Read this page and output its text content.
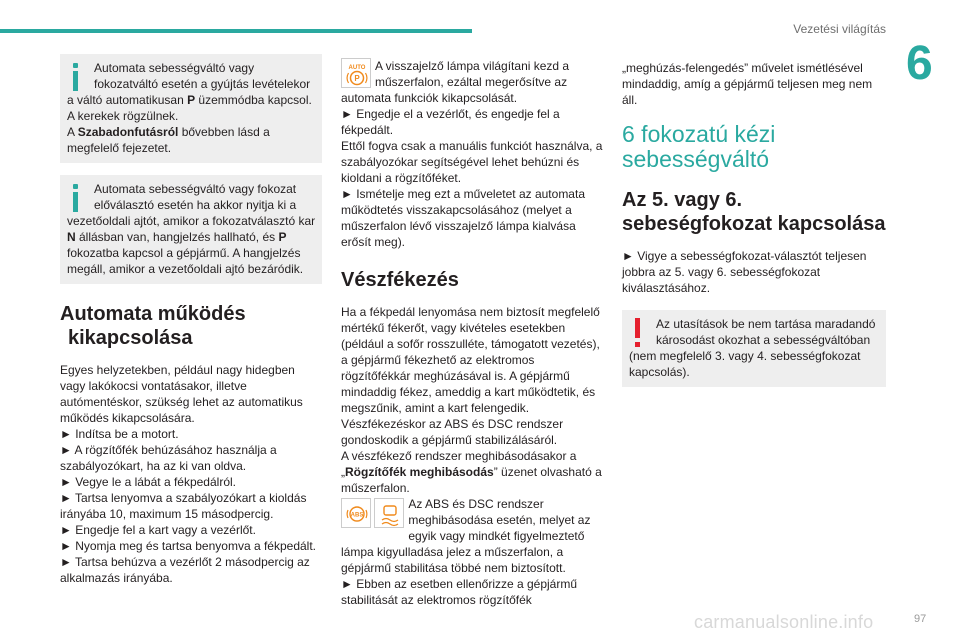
Vezetési világítás
6

Automata sebességváltó vagy fokozatváltó esetén a gyújtás levételekor a váltó automatikusan P üzemmódba kapcsol. A kerekek rögzülnek.
A Szabadonfutásról bővebben lásd a megfelelő fejezetet.

Automata sebességváltó vagy fokozat előválasztó esetén ha akkor nyitja ki a vezetőoldali ajtót, amikor a fokozatválasztó kar N állásban van, hangjelzés hallható, és P fokozatba kapcsol a gépjármű. A hangjelzés megáll, amikor a vezetőoldali ajtó bezáródik.

Automata működés

kikapcsolása

Egyes helyzetekben, például nagy hidegben vagy lakókocsi vontatásakor, illetve autómentéskor, szükség lehet az automatikus működés kikapcsolására.

► Indítsa be a motort.

► A rögzítőfék behúzásához használja a szabályozókart, ha az ki van oldva.

► Vegye le a lábát a fékpedálról.

► Tartsa lenyomva a szabályozókart a kioldás irányába 10, maximum 15 másodpercig.

► Engedje fel a kart vagy a vezérlőt.

► Nyomja meg és tartsa benyomva a fékpedált.

► Tartsa behúzva a vezérlőt 2 másodpercig az alkalmazás irányába.

AUTO
P

A visszajelző lámpa világítani kezd a műszerfalon, ezáltal megerősítve az automata funkciók kikapcsolását.

► Engedje el a vezérlőt, és engedje fel a fékpedált.

Ettől fogva csak a manuális funkciót használva, a szabályozókar segítségével lehet behúzni és kioldani a rögzítőféket.

► Ismételje meg ezt a műveletet az automata működtetés visszakapcsolásához (melyet a műszerfalon lévő visszajelző lámpa kialvása erősít meg).

Vészfékezés

Ha a fékpedál lenyomása nem biztosít megfelelő mértékű fékerőt, vagy kivételes esetekben (például a sofőr rosszulléte, támogatott vezetés), a gépjármű fékezhető az elektromos rögzítőfékkár meghúzásával is. A gépjármű mindaddig fékez, ameddig a kart működtetik, és megszűnik, amint a kart felengedik.

Vészfékezéskor az ABS és DSC rendszer gondoskodik a gépjármű stabilizálásáról.

A vészfékező rendszer meghibásodásakor a „Rögzítőfék meghibásodás” üzenet olvasható a műszerfalon.

ABS

Az ABS és DSC rendszer meghibásodása esetén, melyet az egyik vagy mindkét figyelmeztető lámpa kigyulladása jelez a műszerfalon, a gépjármű stabilitása többé nem biztosított.

► Ebben az esetben ellenőrizze a gépjármű stabilitását az elektromos rögzítőfék

„meghúzás-felengedés” művelet ismétlésével mindaddig, amíg a gépjármű teljesen meg nem áll.

6 fokozatú kézi
sebességváltó
Az 5. vagy 6.
sebeségfokozat kapcsolása

► Vigye a sebességfokozat-választót teljesen jobbra az 5. vagy 6. sebességfokozat kiválasztásához.

Az utasítások be nem tartása maradandó károsodást okozhat a sebességváltóban (nem megfelelő 3. vagy 4. sebességfokozat kapcsolás).

carmanualsonline.info	97
